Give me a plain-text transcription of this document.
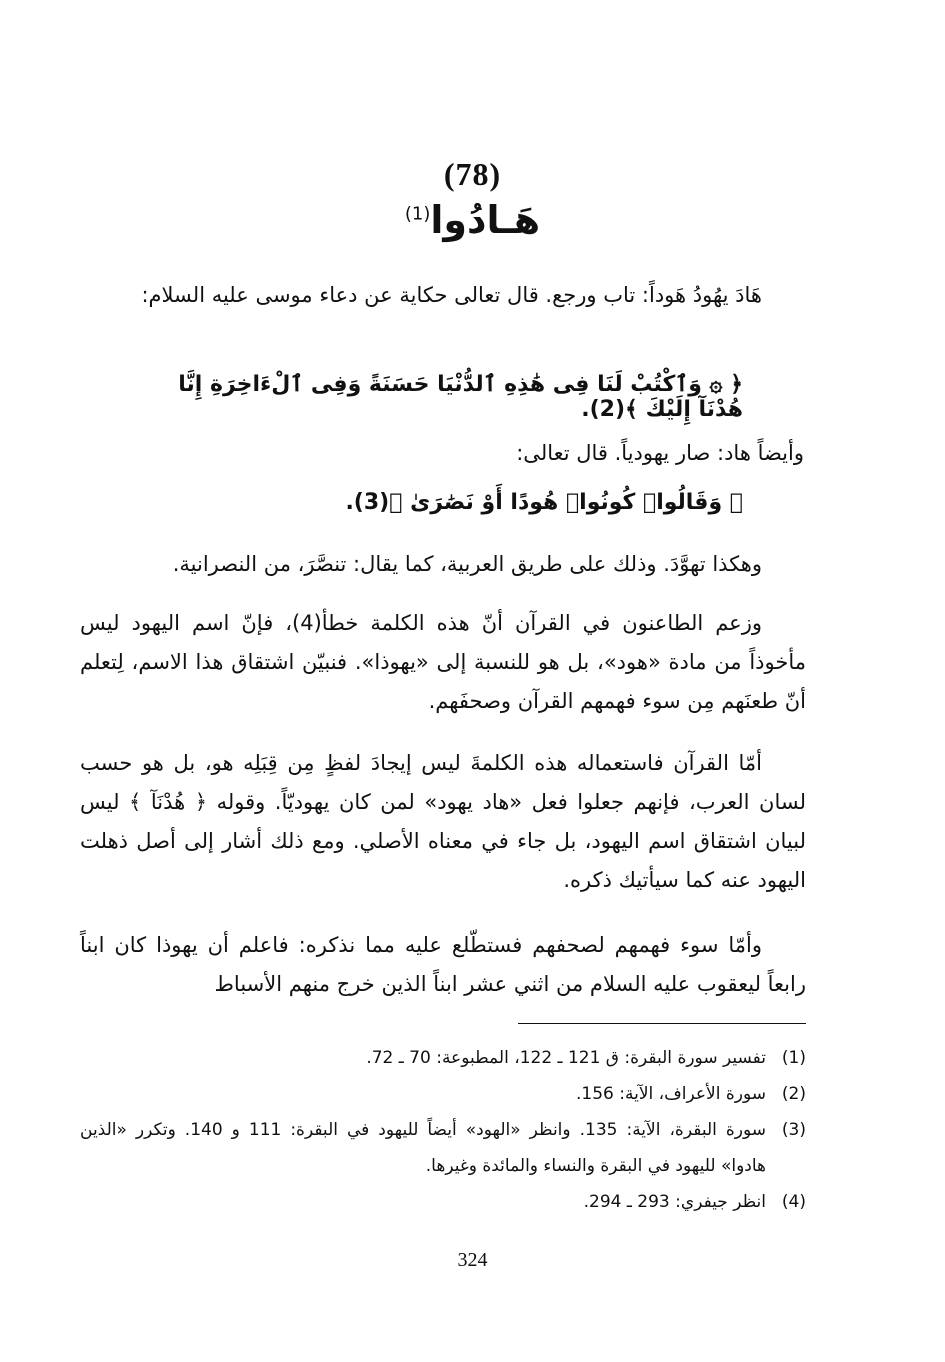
(78)
هَـادُوا$^{(1)}$
هَادَ يهُودُ هَوداً: تاب ورجع. قال تعالى حكاية عن دعاء موسى عليه السلام:
﴿ ۞ وَٱكْتُبْ لَنَا فِى هَٰذِهِ ٱلدُّنْيَا حَسَنَةً وَفِى ٱلْءَاخِرَةِ إِنَّا هُدْنَآ إِلَيْكَ ﴾(2).
وأيضاً هاد: صار يهودياً. قال تعالى:
﴿ وَقَالُوا۟ كُونُوا۟ هُودًا أَوْ نَصَٰرَىٰ ﴾(3).
وهكذا تهوَّدَ. وذلك على طريق العربية، كما يقال: تنصَّرَ، من النصرانية.
وزعم الطاعنون في القرآن أنّ هذه الكلمة خطأ(4)، فإنّ اسم اليهود ليس مأخوذاً من مادة «هود»، بل هو للنسبة إلى «يهوذا». فنبيّن اشتقاق هذا الاسم، لِتعلم أنّ طعنَهم مِن سوء فهمهم القرآن وصحفَهم.
أمّا القرآن فاستعماله هذه الكلمةَ ليس إيجادَ لفظٍ مِن قِبَلِه هو، بل هو حسب لسان العرب، فإنهم جعلوا فعل «هاد يهود» لمن كان يهوديّاً. وقوله ﴿ هُدْنَآ ﴾ ليس لبيان اشتقاق اسم اليهود، بل جاء في معناه الأصلي. ومع ذلك أشار إلى أصل ذهلت اليهود عنه كما سيأتيك ذكره.
وأمّا سوء فهمهم لصحفهم فستطّلع عليه مما نذكره: فاعلم أن يهوذا كان ابناً رابعاً ليعقوب عليه السلام من اثني عشر ابناً الذين خرج منهم الأسباط
(1)
تفسير سورة البقرة: ق 121 ـ 122، المطبوعة: 70 ـ 72.
(2)
سورة الأعراف، الآية: 156.
(3)
سورة البقرة، الآية: 135. وانظر «الهود» أيضاً لليهود في البقرة: 111 و 140. وتكرر «الذين هادوا» لليهود في البقرة والنساء والمائدة وغيرها.
(4)
انظر جيفري: 293 ـ 294.
324
